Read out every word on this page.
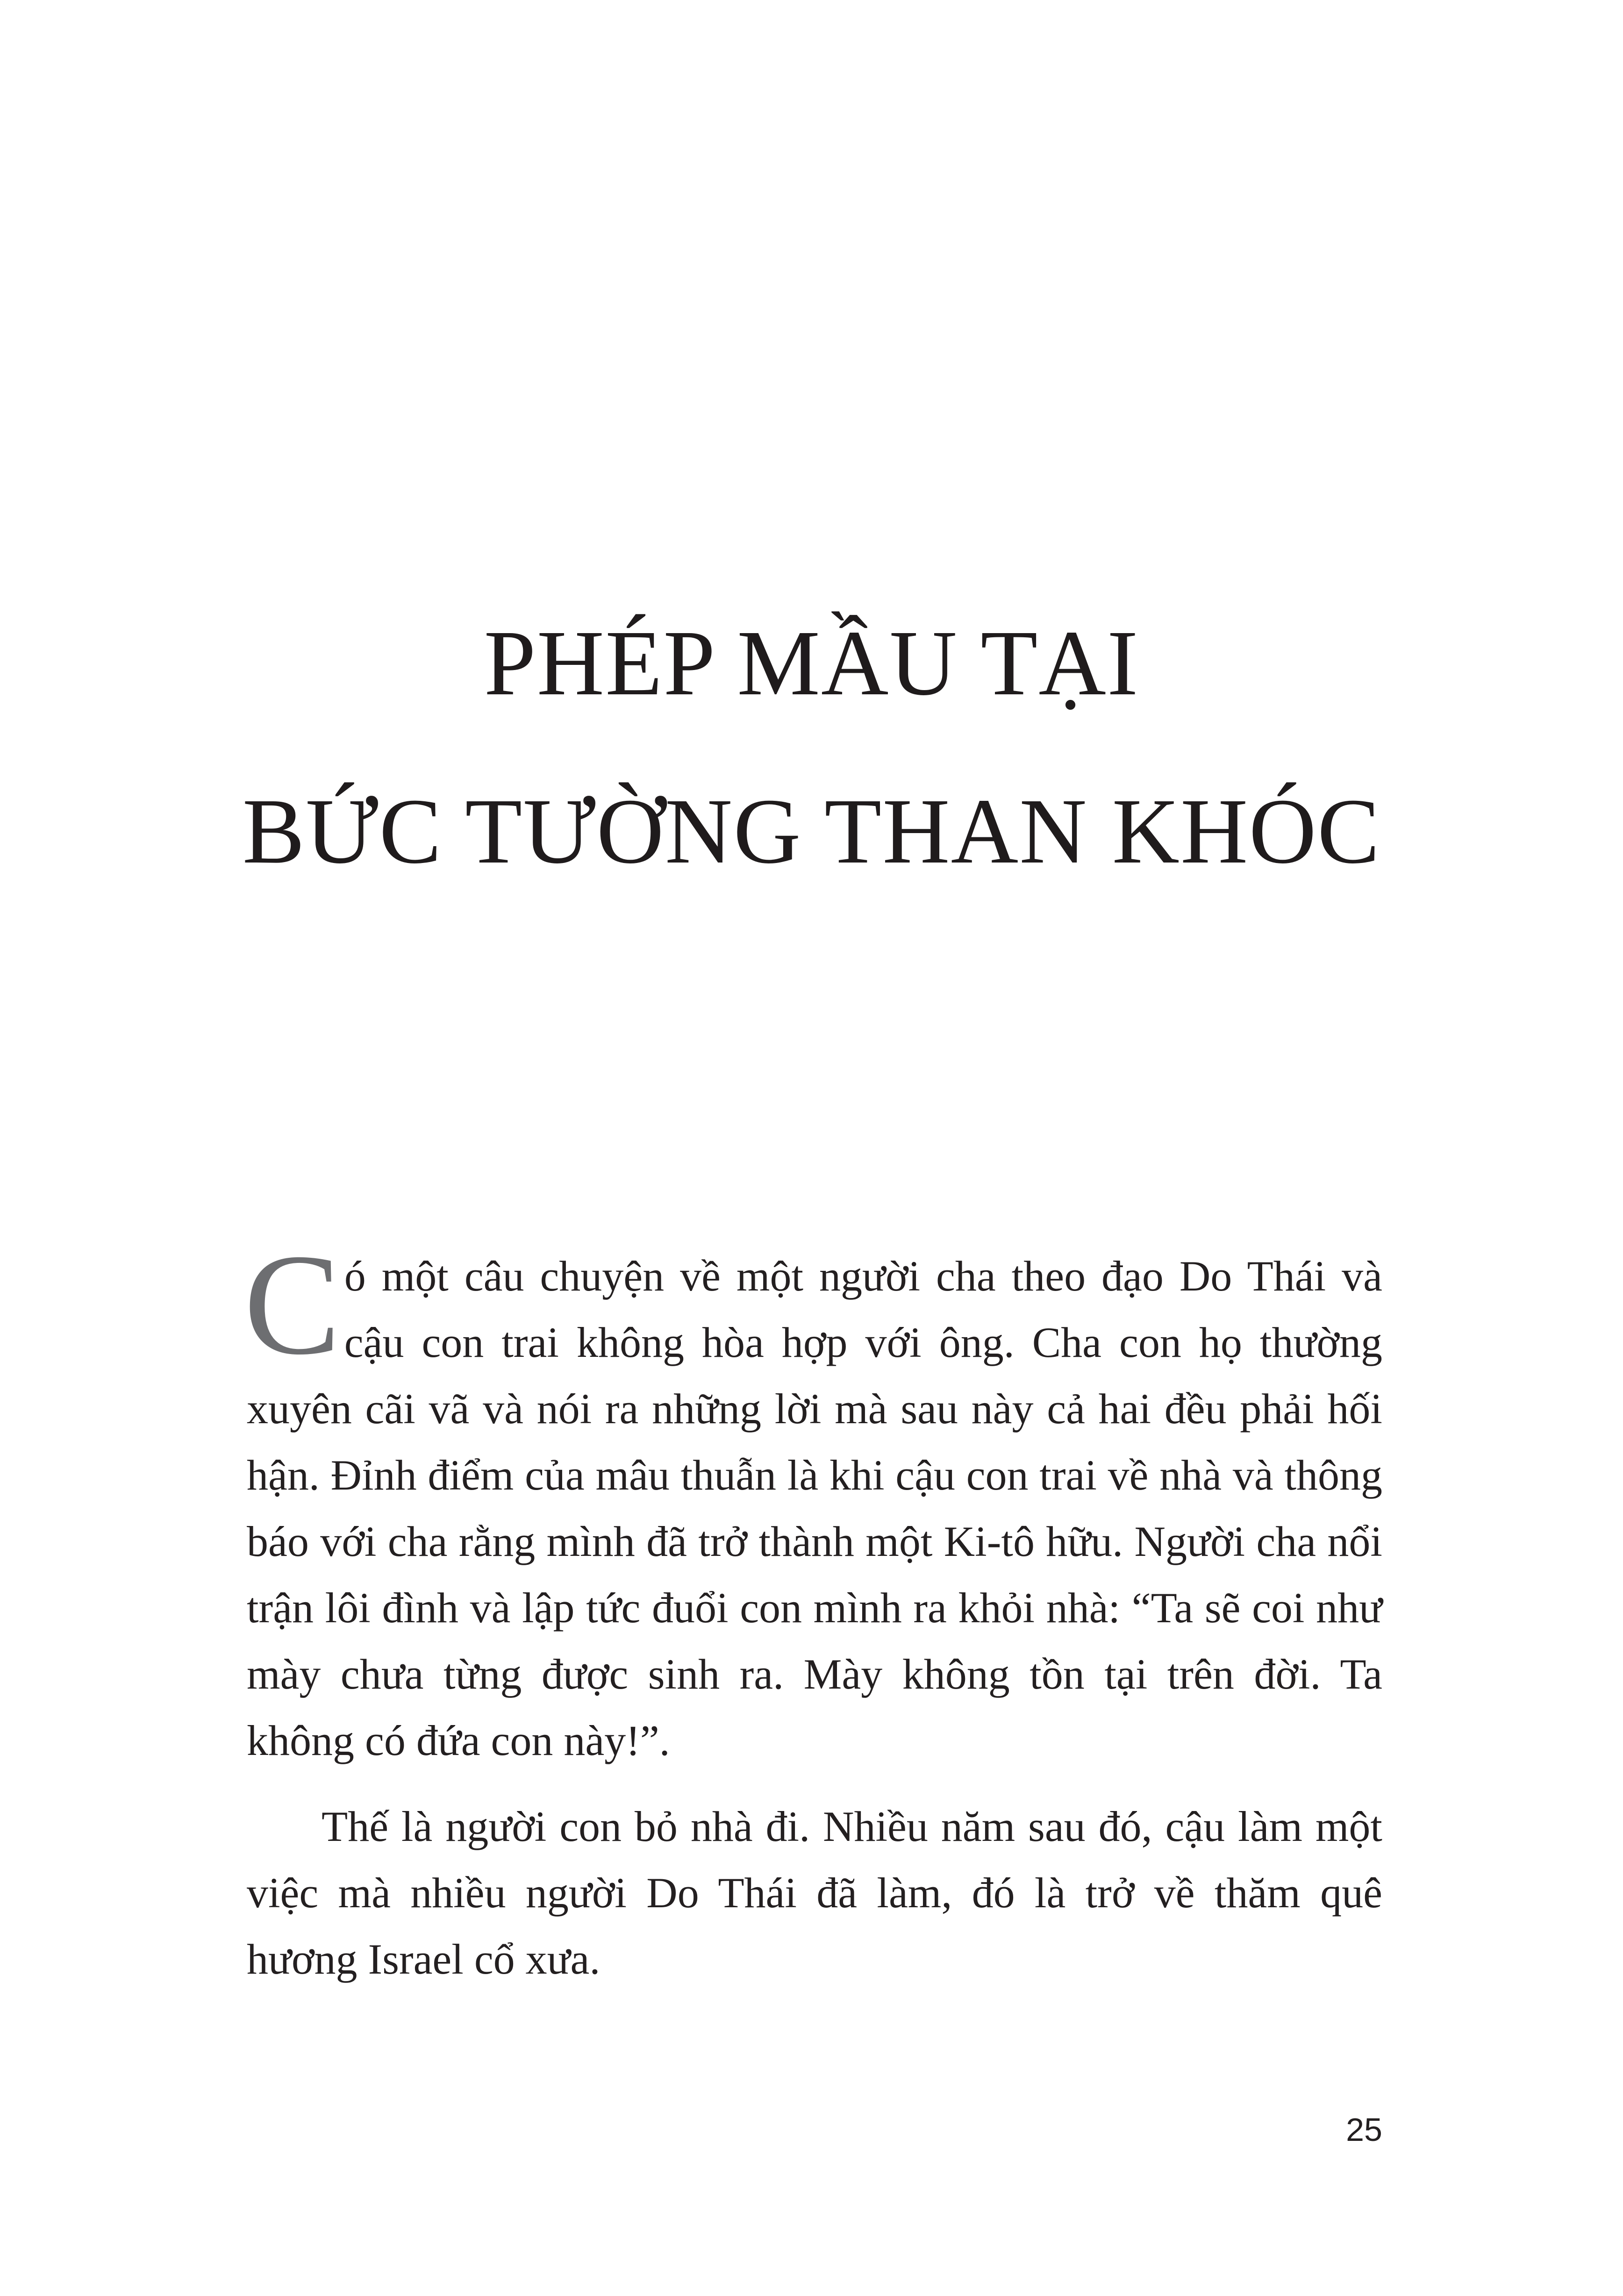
PHÉP MẦU TẠI
BỨC TƯỜNG THAN KHÓC

Có một câu chuyện về một người cha theo đạo Do Thái và cậu con trai không hòa hợp với ông. Cha con họ thường xuyên cãi vã và nói ra những lời mà sau này cả hai đều phải hối hận. Đỉnh điểm của mâu thuẫn là khi cậu con trai về nhà và thông báo với cha rằng mình đã trở thành một Ki-tô hữu. Người cha nổi trận lôi đình và lập tức đuổi con mình ra khỏi nhà: “Ta sẽ coi như mày chưa từng được sinh ra. Mày không tồn tại trên đời. Ta không có đứa con này!”.

Thế là người con bỏ nhà đi. Nhiều năm sau đó, cậu làm một việc mà nhiều người Do Thái đã làm, đó là trở về thăm quê hương Israel cổ xưa.

25
